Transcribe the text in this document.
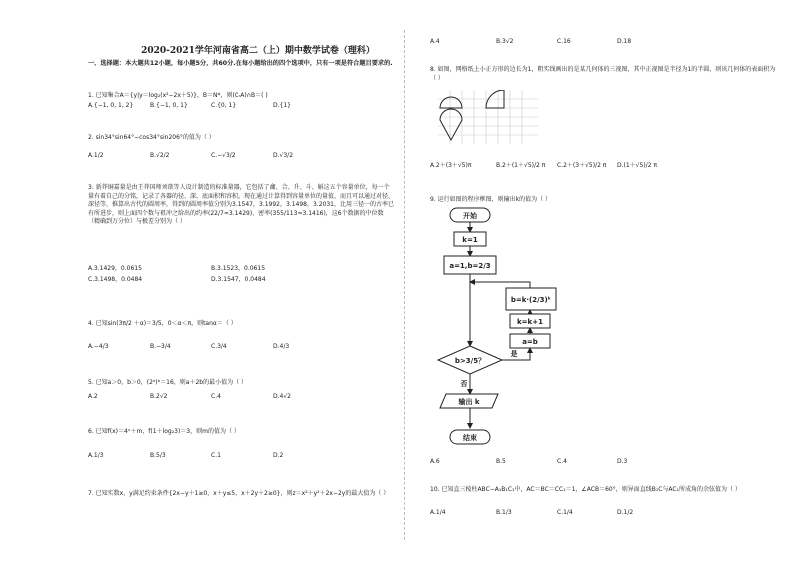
2020-2021学年河南省高二（上）期中数学试卷（理科）
一、选择题：本大题共12小题，每小题5分，共60分.在每小题给出的四个选项中，只有一项是符合题目要求的.
1. 已知集合A＝{y|y＝log₂(x²−2x＋5)}，B＝N*，则(∁ᵣA)∩B＝( )
A.{−1, 0, 1, 2}	B.{−1, 0, 1}	C.{0, 1}	D.{1}
2. sin34°sin64°−cos34°sin206°的值为（ ）
A.1/2	B.√2/2	C.−√3/2	D.√3/2
3. 新莽铜嘉量是由王莽国师刘歆等人设计制造的标准量器，它包括了龠、合、升、斗、斛这五个容量单位，每一个量有着自己的分铭，记录了各器的径、深、底面积和容积。现在通过计算得到容量单位的量值，而且可以通过对径、深径等，推算出古代的圆周率，得到的圆周率值分别为3.1547，3.1992，3.1498，3.2031，比用三径一的古率已有所进步，则上面四个数与祖冲之给出的约率(22/7≈3.1429)、密率(355/113≈3.1416)，这6个数据的中位数（精确到万分位）与极差分别为（ ）
A.3.1429，0.0615	B.3.1523，0.0615
C.3.1498，0.0484	D.3.1547，0.0484
4. 已知sin(3π/2 ＋α)＝3/5，0＜α＜π，则tanα＝（ ）
A.−4/3	B.−3/4	C.3/4	D.4/3
5. 已知a＞0，b＞0，(2ᵃ)ᵇ＝16，则a＋2b的最小值为（ ）
A.2	B.2√2	C.4	D.4√2
6. 已知f(x)＝4ˣ＋m，f(1＋log₂3)＝3，则m的值为（ ）
A.1/3	B.5/3	C.1	D.2
7. 已知实数x，y满足约束条件{2x−y＋1≥0，x＋y≤5，x＋2y＋2≥0}，则z＝x²＋y²＋2x−2y的最大值为（ ）
A.4	B.3√2	C.16	D.18
8. 如图，网格纸上小正方形的边长为1，粗实线画出的是某几何体的三视图，其中正视图是半径为1的半圆，则该几何体的表面积为（ ）
A.2＋(3＋√5)π	B.2＋(1＋√5)/2 π C.2＋(3＋√5)/2 π D.(1＋√5)/2 π
9. 运行如图的程序框图，则输出k的值为（ ）
开始
k=1
a=1,b=2/3
b=k·(2/3)ᵏ
k=k+1
a=b
b>3/5？
是
否
输出 k
结束
A.6	B.5	C.4	D.3
10. 已知直三棱柱ABC−A₁B₁C₁中，AC＝BC＝CC₁＝1，∠ACB＝60°，则异面直线B₁C与AC₁所成角的余弦值为（ ）
A.1/4	B.1/3	C.1/4	D.1/2
